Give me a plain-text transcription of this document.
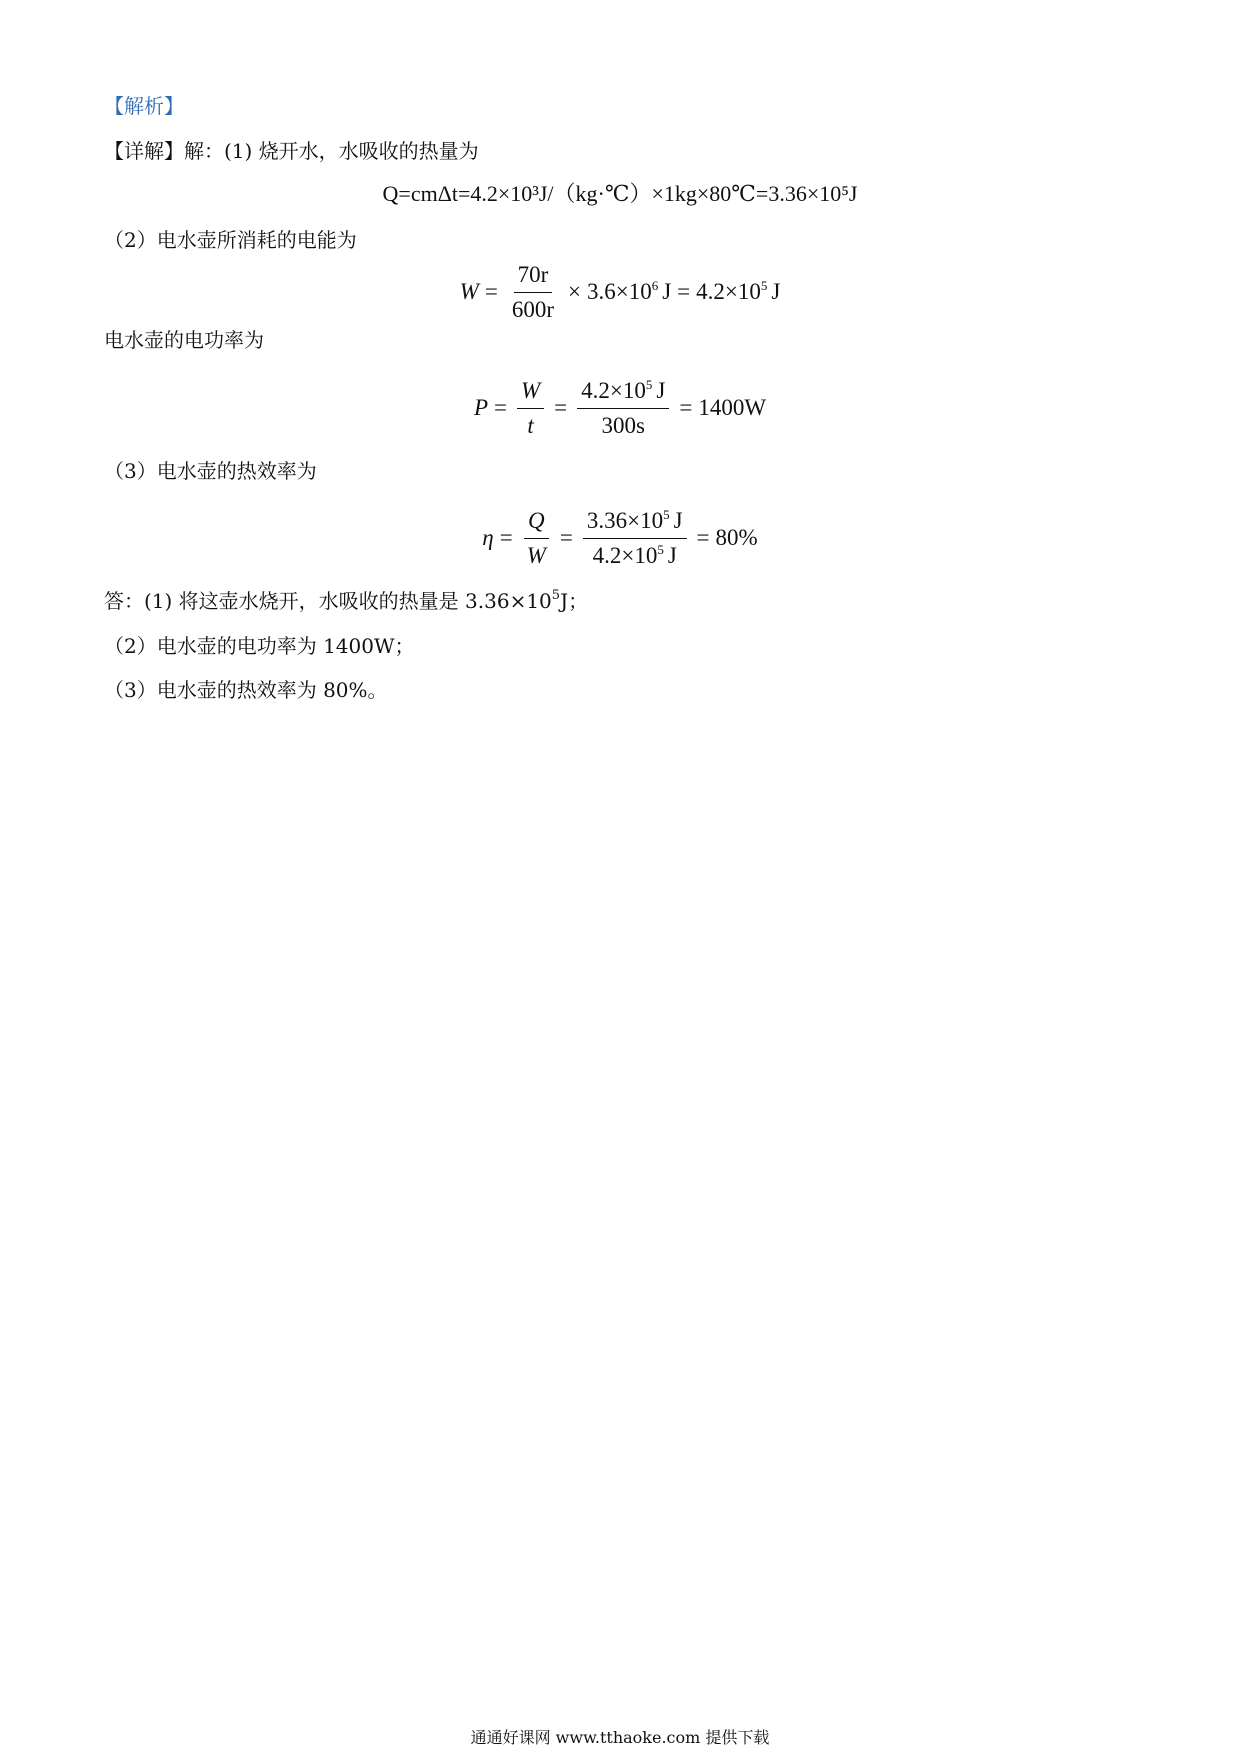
【解析】
【详解】解：(1) 烧开水，水吸收的热量为
Q=cmΔt=4.2×10³J/（kg·℃）×1kg×80℃=3.36×10⁵J
（2）电水壶所消耗的电能为
$W = \frac{70r}{600r} \times 3.6\times 10^6$ $J = 4.2\times 10^5$ J
电水壶的电功率为
$P = \frac{W}{t} = \frac{4.2\times 10^5 J}{300s} = 1400W$
（3）电水壶的热效率为
$\eta = \frac{Q}{W} = \frac{3.36\times 10^5 J}{4.2\times 10^5 J} = 80\%$
答：(1) 将这壶水烧开，水吸收的热量是 $3.36\times 10^5J$；
（2）电水壶的电功率为 1400W；
（3）电水壶的热效率为 80%。
通通好课网 www.tthaoke.com 提供下载
